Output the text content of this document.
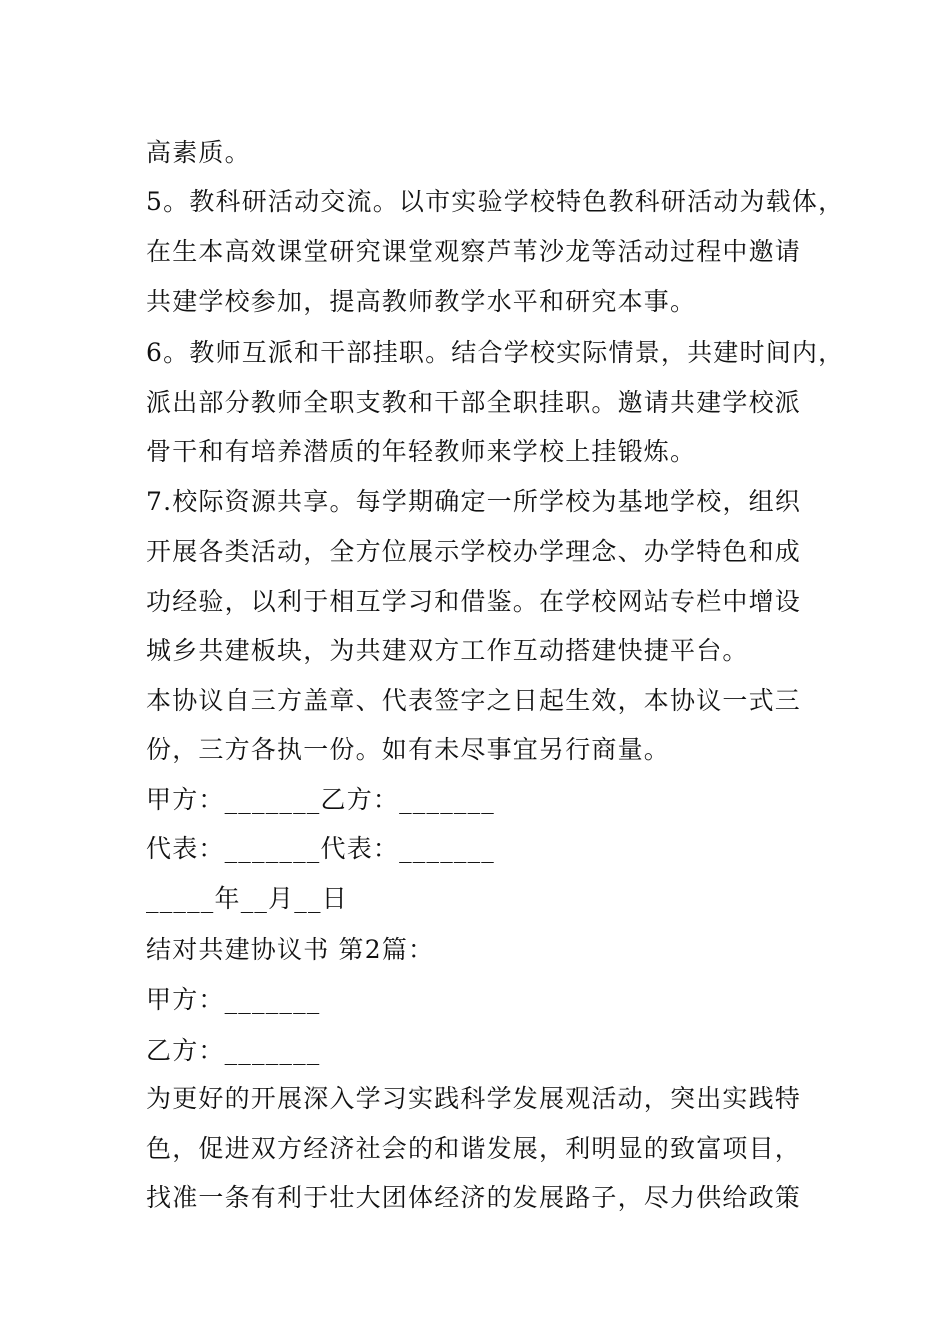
高素质。
5。教科研活动交流。以市实验学校特色教科研活动为载体，
在生本高效课堂研究课堂观察芦苇沙龙等活动过程中邀请
共建学校参加，提高教师教学水平和研究本事。
6。教师互派和干部挂职。结合学校实际情景，共建时间内，
派出部分教师全职支教和干部全职挂职。邀请共建学校派
骨干和有培养潜质的年轻教师来学校上挂锻炼。
7.校际资源共享。每学期确定一所学校为基地学校，组织
开展各类活动，全方位展示学校办学理念、办学特色和成
功经验，以利于相互学习和借鉴。在学校网站专栏中增设
城乡共建板块，为共建双方工作互动搭建快捷平台。
本协议自三方盖章、代表签字之日起生效，本协议一式三
份，三方各执一份。如有未尽事宜另行商量。
甲方：_______乙方：_______
代表：_______代表：_______
_____年__月__日
结对共建协议书 第2篇：
甲方：_______
乙方：_______
为更好的开展深入学习实践科学发展观活动，突出实践特
色，促进双方经济社会的和谐发展，利明显的致富项目，
找准一条有利于壮大团体经济的发展路子，尽力供给政策
